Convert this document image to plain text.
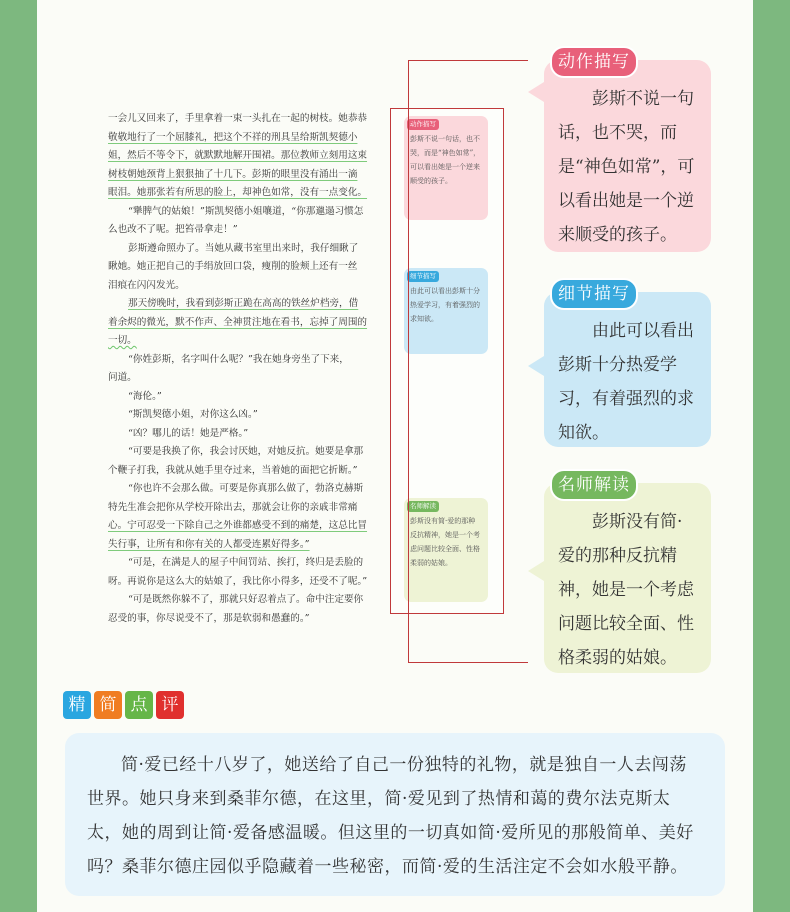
一会儿又回来了，手里拿着一束一头扎在一起的树枝。她恭恭

敬敬地行了一个屈膝礼，把这个不祥的刑具呈给斯凯契德小

姐，然后不等令下，就默默地解开围裙。那位教师立刻用这束

树枝朝她颈背上狠狠抽了十几下。彭斯的眼里没有涌出一滴

眼泪。她那张若有所思的脸上，却神色如常，没有一点变化。

“犟脾气的姑娘！”斯凯契德小姐嚷道，“你那邋遢习惯怎

么也改不了呢。把笞帚拿走！”

彭斯遵命照办了。当她从藏书室里出来时，我仔细瞅了

瞅她。她正把自己的手绢放回口袋，瘦削的脸颊上还有一丝

泪痕在闪闪发光。

那天傍晚时，我看到彭斯正跪在高高的铁丝炉档旁，借

着余烬的微光，默不作声、全神贯注地在看书，忘掉了周围的

一切。

“你姓彭斯，名字叫什么呢？”我在她身旁坐了下来，

问道。

“海伦。”

“斯凯契德小姐，对你这么凶。”

“凶？哪儿的话！她是严格。”

“可要是我换了你，我会讨厌她，对她反抗。她要是拿那

个鞭子打我，我就从她手里夺过来，当着她的面把它折断。”

“你也许不会那么做。可要是你真那么做了，勃洛克赫斯

特先生准会把你从学校开除出去，那就会让你的亲戚非常痛

心。宁可忍受一下除自己之外谁都感受不到的痛楚，这总比冒

失行事，让所有和你有关的人都受连累好得多。”

“可是，在满是人的屋子中间罚站、挨打，终归是丢脸的

呀。再说你是这么大的姑娘了，我比你小得多，还受不了呢。”

“可是既然你躲不了，那就只好忍着点了。命中注定要你

忍受的事，你尽说受不了，那是软弱和愚蠢的。”

动作描写
彭斯不说一句话，也不哭，而是“神色如常”，可以看出她是一个逆来顺受的孩子。
细节描写
由此可以看出彭斯十分热爱学习，有着强烈的求知欲。
名师解读
彭斯没有简·爱的那种反抗精神，她是一个考虑问题比较全面、性格柔弱的姑娘。
动作描写
彭斯不说一句话，也不哭，而是“神色如常”，可以看出她是一个逆来顺受的孩子。
细节描写
由此可以看出彭斯十分热爱学习，有着强烈的求知欲。
名师解读
彭斯没有简·爱的那种反抗精神，她是一个考虑问题比较全面、性格柔弱的姑娘。
精 简 点 评
简·爱已经十八岁了，她送给了自己一份独特的礼物，就是独自一人去闯荡世界。她只身来到桑菲尔德，在这里，简·爱见到了热情和蔼的费尔法克斯太太，她的周到让简·爱备感温暖。但这里的一切真如简·爱所见的那般简单、美好吗？桑菲尔德庄园似乎隐藏着一些秘密，而简·爱的生活注定不会如水般平静。
